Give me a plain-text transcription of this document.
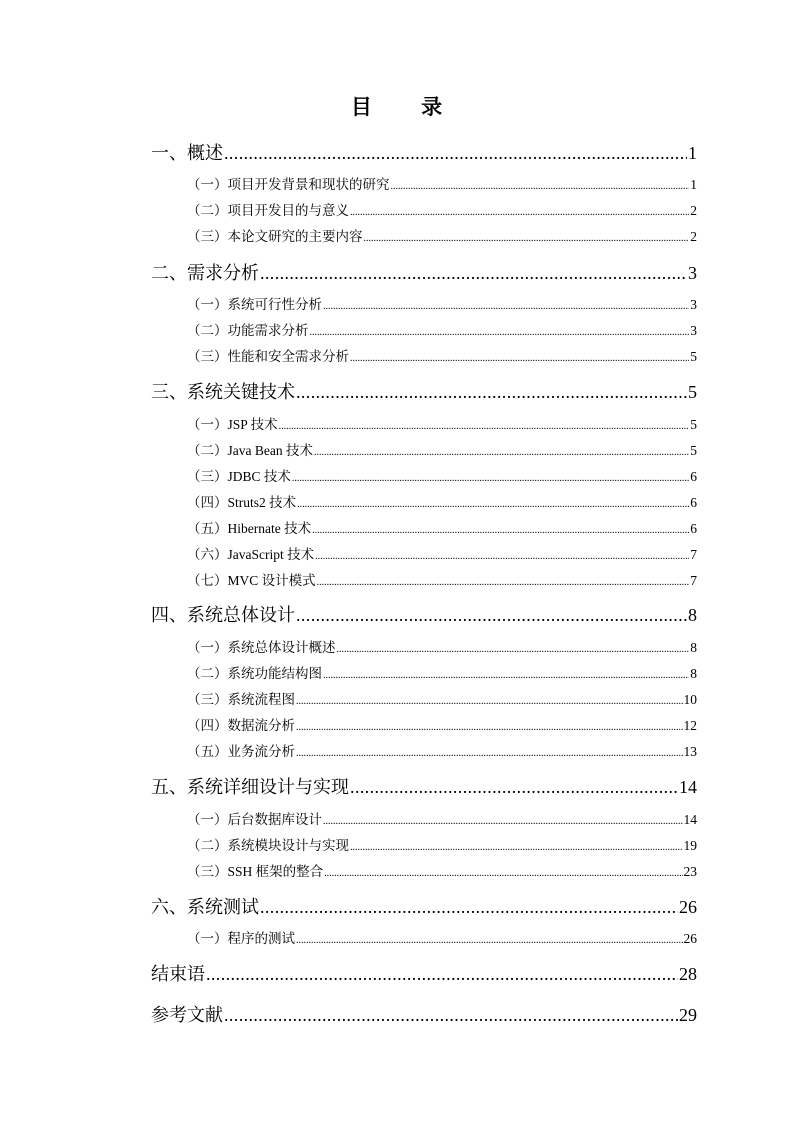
目 录
一、概述 .....	1
（一）项目开发背景和现状的研究 .....	1
（二）项目开发目的与意义 .....	2
（三）本论文研究的主要内容 .....	2
二、需求分析 .....	3
（一）系统可行性分析 .....	3
（二）功能需求分析 .....	3
（三）性能和安全需求分析 .....	5
三、系统关键技术 .....	5
（一）JSP 技术 .....	5
（二）Java Bean 技术 .....	5
（三）JDBC 技术 .....	6
（四）Struts2 技术 .....	6
（五）Hibernate 技术 .....	6
（六）JavaScript 技术 .....	7
（七）MVC 设计模式 .....	7
四、系统总体设计 .....	8
（一）系统总体设计概述 .....	8
（二）系统功能结构图 .....	8
（三）系统流程图 .....	10
（四）数据流分析 .....	12
（五）业务流分析 .....	13
五、系统详细设计与实现 .....	14
（一）后台数据库设计 .....	14
（二）系统模块设计与实现 .....	19
（三）SSH 框架的整合 .....	23
六、系统测试 .....	26
（一）程序的测试 .....	26
结束语 .....	28
参考文献 .....	29
